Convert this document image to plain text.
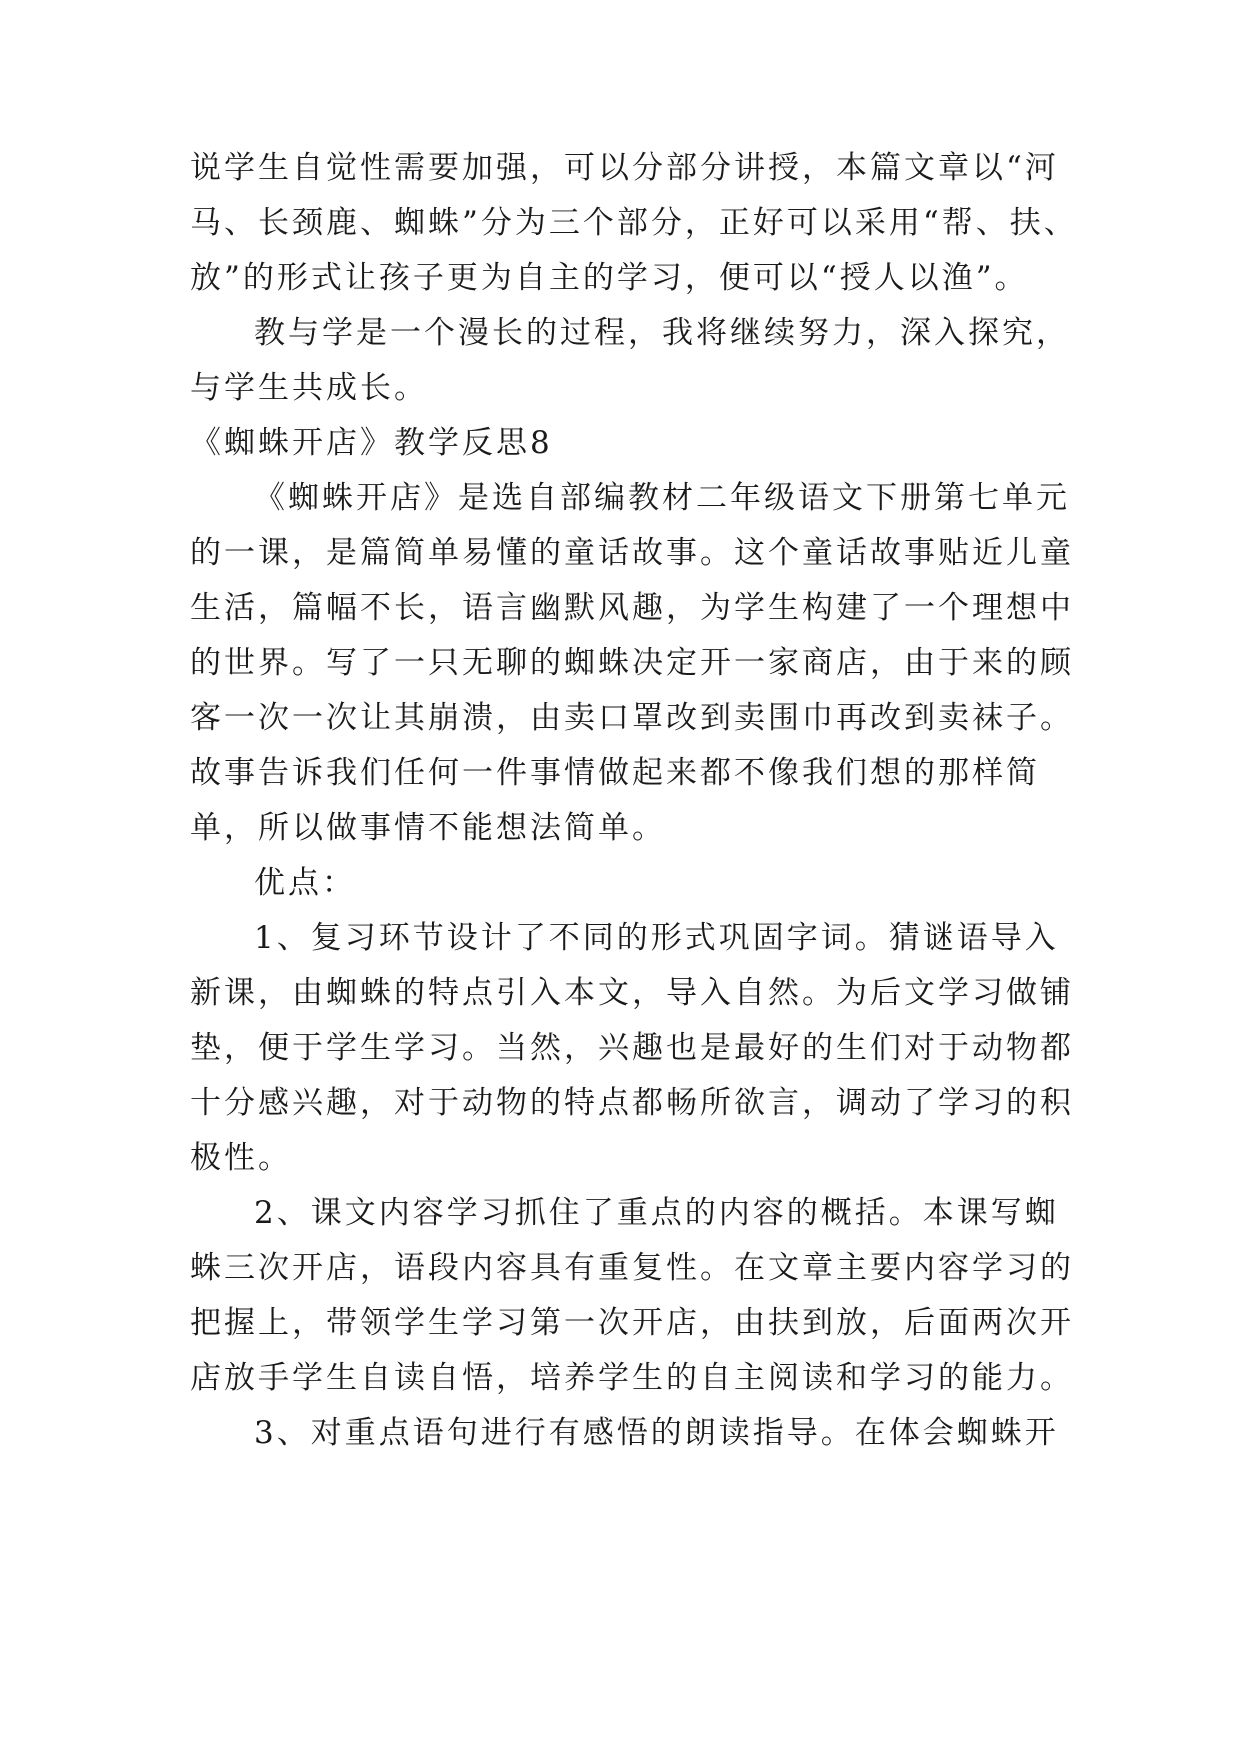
说学生自觉性需要加强，可以分部分讲授，本篇文章以“河
马、长颈鹿、蜘蛛”分为三个部分，正好可以采用“帮、扶、
放”的形式让孩子更为自主的学习，便可以“授人以渔”。
教与学是一个漫长的过程，我将继续努力，深入探究，
与学生共成长。
《蜘蛛开店》教学反思8
《蜘蛛开店》是选自部编教材二年级语文下册第七单元
的一课，是篇简单易懂的童话故事。这个童话故事贴近儿童
生活，篇幅不长，语言幽默风趣，为学生构建了一个理想中
的世界。写了一只无聊的蜘蛛决定开一家商店，由于来的顾
客一次一次让其崩溃，由卖口罩改到卖围巾再改到卖袜子。
故事告诉我们任何一件事情做起来都不像我们想的那样简
单，所以做事情不能想法简单。
优点：
1、复习环节设计了不同的形式巩固字词。猜谜语导入
新课，由蜘蛛的特点引入本文，导入自然。为后文学习做铺
垫，便于学生学习。当然，兴趣也是最好的生们对于动物都
十分感兴趣，对于动物的特点都畅所欲言，调动了学习的积
极性。
2、课文内容学习抓住了重点的内容的概括。本课写蜘
蛛三次开店，语段内容具有重复性。在文章主要内容学习的
把握上，带领学生学习第一次开店，由扶到放，后面两次开
店放手学生自读自悟，培养学生的自主阅读和学习的能力。
3、对重点语句进行有感悟的朗读指导。在体会蜘蛛开
